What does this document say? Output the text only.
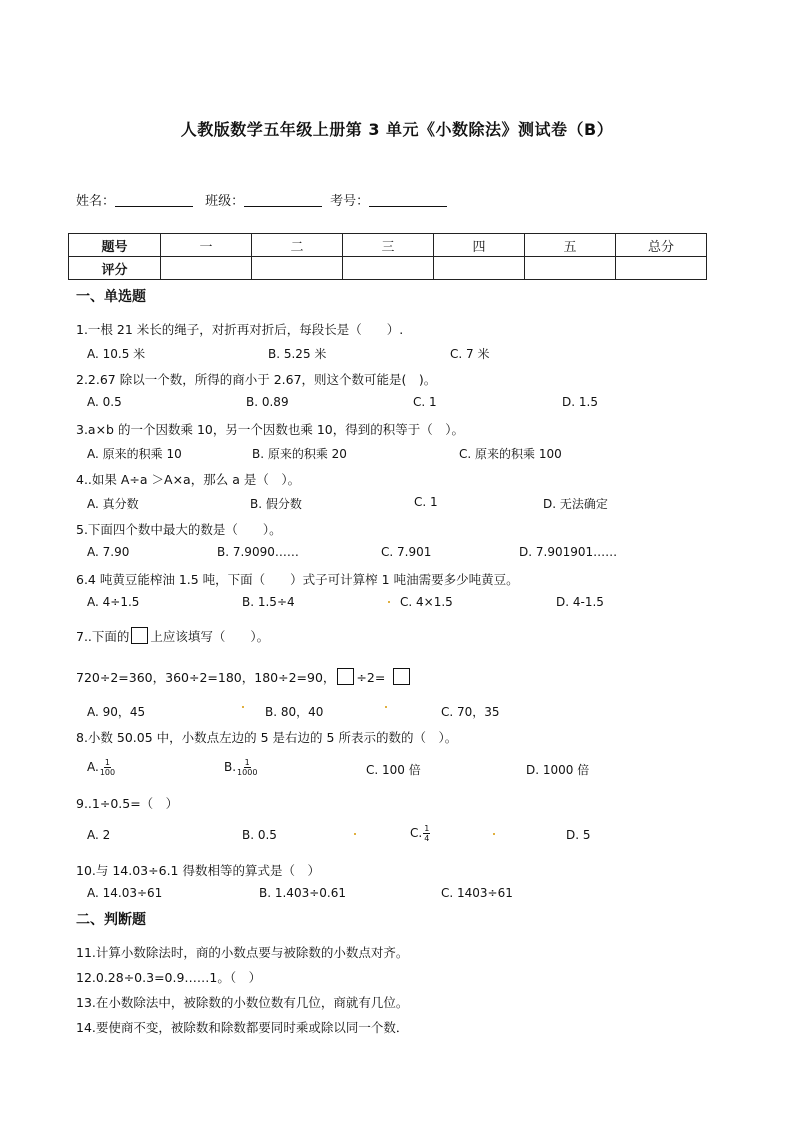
人教版数学五年级上册第 3 单元《小数除法》测试卷（B）
姓名：	班级：	考号：
题号	一	二	三	四	五	总分
评分						
一、单选题
1.一根 21 米长的绳子，对折再对折后，每段长是（　　）.
A. 10.5 米	B. 5.25 米	C. 7 米
2.2.67 除以一个数，所得的商小于 2.67，则这个数可能是(　)。
A. 0.5	B. 0.89	C. 1	D. 1.5
3.a×b 的一个因数乘 10，另一个因数也乘 10，得到的积等于（　）。
A. 原来的积乘 10	B. 原来的积乘 20	C. 原来的积乘 100
4..如果 A÷a ＞A×a，那么 a 是（　）。
A. 真分数	B. 假分数	C. 1	D. 无法确定
5.下面四个数中最大的数是（　　）。
A. 7.90	B. 7.9090……	C. 7.901	D. 7.901901……
6.4 吨黄豆能榨油 1.5 吨，下面（　　）式子可计算榨 1 吨油需要多少吨黄豆。
A. 4÷1.5	B. 1.5÷4	C. 4×1.5	D. 4-1.5
7..下面的 上应该填写（　　）。
720÷2=360，360÷2=180，180÷2=90， ÷2=
A. 90，45	B. 80，40	C. 70，35
8.小数 50.05 中，小数点左边的 5 是右边的 5 所表示的数的（　）。
A. $\frac{1}{100}$	B. $\frac{1}{1000}$	C. 100 倍	D. 1000 倍
9..1÷0.5=（　）
A. 2	B. 0.5	C. $\frac{1}{4}$	D. 5
10.与 14.03÷6.1 得数相等的算式是（　）
A. 14.03÷61	B. 1.403÷0.61	C. 1403÷61
二、判断题
11.计算小数除法时，商的小数点要与被除数的小数点对齐。
12.0.28÷0.3=0.9……1。（　）
13.在小数除法中，被除数的小数位数有几位，商就有几位。
14.要使商不变，被除数和除数都要同时乘或除以同一个数．
